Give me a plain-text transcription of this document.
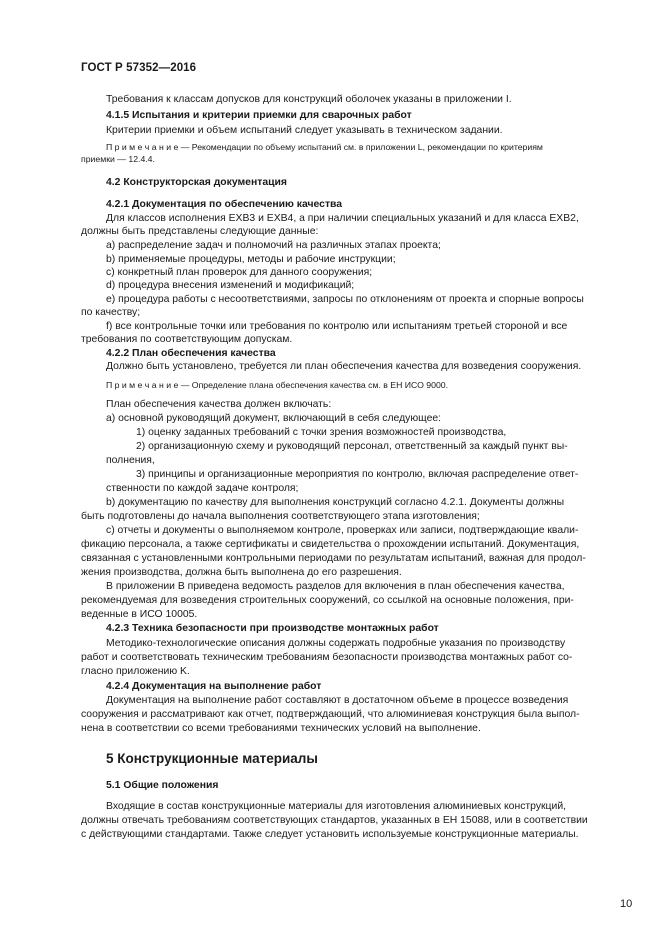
ГОСТ Р 57352—2016
Требования к классам допусков для конструкций оболочек указаны в приложении I.
4.1.5 Испытания и критерии приемки для сварочных работ
Критерии приемки и объем испытаний следует указывать в техническом задании.
П р и м е ч а н и е — Рекомендации по объему испытаний см. в приложении L, рекомендации по критериям
приемки — 12.4.4.
4.2 Конструкторская документация
4.2.1 Документация по обеспечению качества
Для классов исполнения ЕХВ3 и ЕХВ4, а при наличии специальных указаний и для класса ЕХВ2,
должны быть представлены следующие данные:
a) распределение задач и полномочий на различных этапах проекта;
b) применяемые процедуры, методы и рабочие инструкции;
c) конкретный план проверок для данного сооружения;
d) процедура внесения изменений и модификаций;
e) процедура работы с несоответствиями, запросы по отклонениям от проекта и спорные вопросы
по качеству;
f) все контрольные точки или требования по контролю или испытаниям третьей стороной и все
требования по соответствующим допускам.
4.2.2 План обеспечения качества
Должно быть установлено, требуется ли план обеспечения качества для возведения сооружения.
П р и м е ч а н и е — Определение плана обеспечения качества см. в ЕН ИСО 9000.
План обеспечения качества должен включать:
a) основной руководящий документ, включающий в себя следующее:
1) оценку заданных требований с точки зрения возможностей производства,
2) организационную схему и руководящий персонал, ответственный за каждый пункт вы-
полнения,
3) принципы и организационные мероприятия по контролю, включая распределение ответ-
ственности по каждой задаче контроля;
b) документацию по качеству для выполнения конструкций согласно 4.2.1. Документы должны
быть подготовлены до начала выполнения соответствующего этапа изготовления;
c) отчеты и документы о выполняемом контроле, проверках или записи, подтверждающие квали-
фикацию персонала, а также сертификаты и свидетельства о прохождении испытаний. Документация,
связанная с установленными контрольными периодами по результатам испытаний, важная для продол-
жения производства, должна быть выполнена до его разрешения.
В приложении В приведена ведомость разделов для включения в план обеспечения качества,
рекомендуемая для возведения строительных сооружений, со ссылкой на основные положения, при-
веденные в ИСО 10005.
4.2.3 Техника безопасности при производстве монтажных работ
Методико-технологические описания должны содержать подробные указания по производству
работ и соответствовать техническим требованиям безопасности производства монтажных работ со-
гласно приложению K.
4.2.4 Документация на выполнение работ
Документация на выполнение работ составляют в достаточном объеме в процессе возведения
сооружения и рассматривают как отчет, подтверждающий, что алюминиевая конструкция была выпол-
нена в соответствии со всеми требованиями технических условий на выполнение.
5 Конструкционные материалы
5.1 Общие положения
Входящие в состав конструкционные материалы для изготовления алюминиевых конструкций,
должны отвечать требованиям соответствующих стандартов, указанных в ЕН 15088, или в соответствии
с действующими стандартами. Также следует установить используемые конструкционные материалы.
10
